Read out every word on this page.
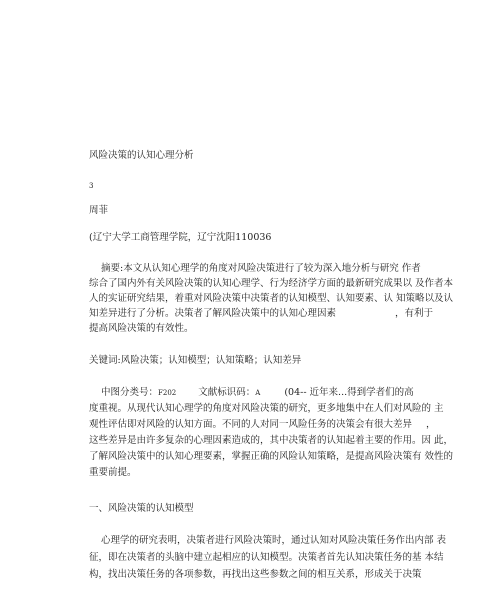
风险决策的认知心理分析
3
周菲
(辽宁大学工商管理学院，辽宁沈阳110036
摘要:本文从认知心理学的角度对风险决策进行了较为深入地分析与研究 作者
综合了国内外有关风险决策的认知心理学、行为经济学方面的最新研究成果以 及作者本
人的实证研究结果，着重对风险决策中决策者的认知模型、认知要素、认 知策略以及认
知差异进行了分析。决策者了解风险决策中的认知心理因素	，有利于
提高风险决策的有效性。
关键词:风险决策；认知模型；认知策略；认知差异
中图分类号：F202 文献标识码：A	(04-- 近年来...得到学者们的高
度重视。从现代认知心理学的角度对风险决策的研究，更多地集中在人们对风险的 主
观性评估即对风险的认知方面。不同的人对同一风险任务的决策会有很大差异 ，
这些差异是由许多复杂的心理因素造成的，其中决策者的认知起着主要的作用。因 此，
了解风险决策中的认知心理要素，掌握正确的风险认知策略，是提高风险决策有 效性的
重要前提。
一、风险决策的认知模型
心理学的研究表明，决策者进行风险决策时，通过认知对风险决策任务作出内部 表
征，即在决策者的头脑中建立起相应的认知模型。决策者首先认知决策任务的基 本结
构，找出决策任务的各项参数，再找出这些参数之间的相互关系，形成关于决策
